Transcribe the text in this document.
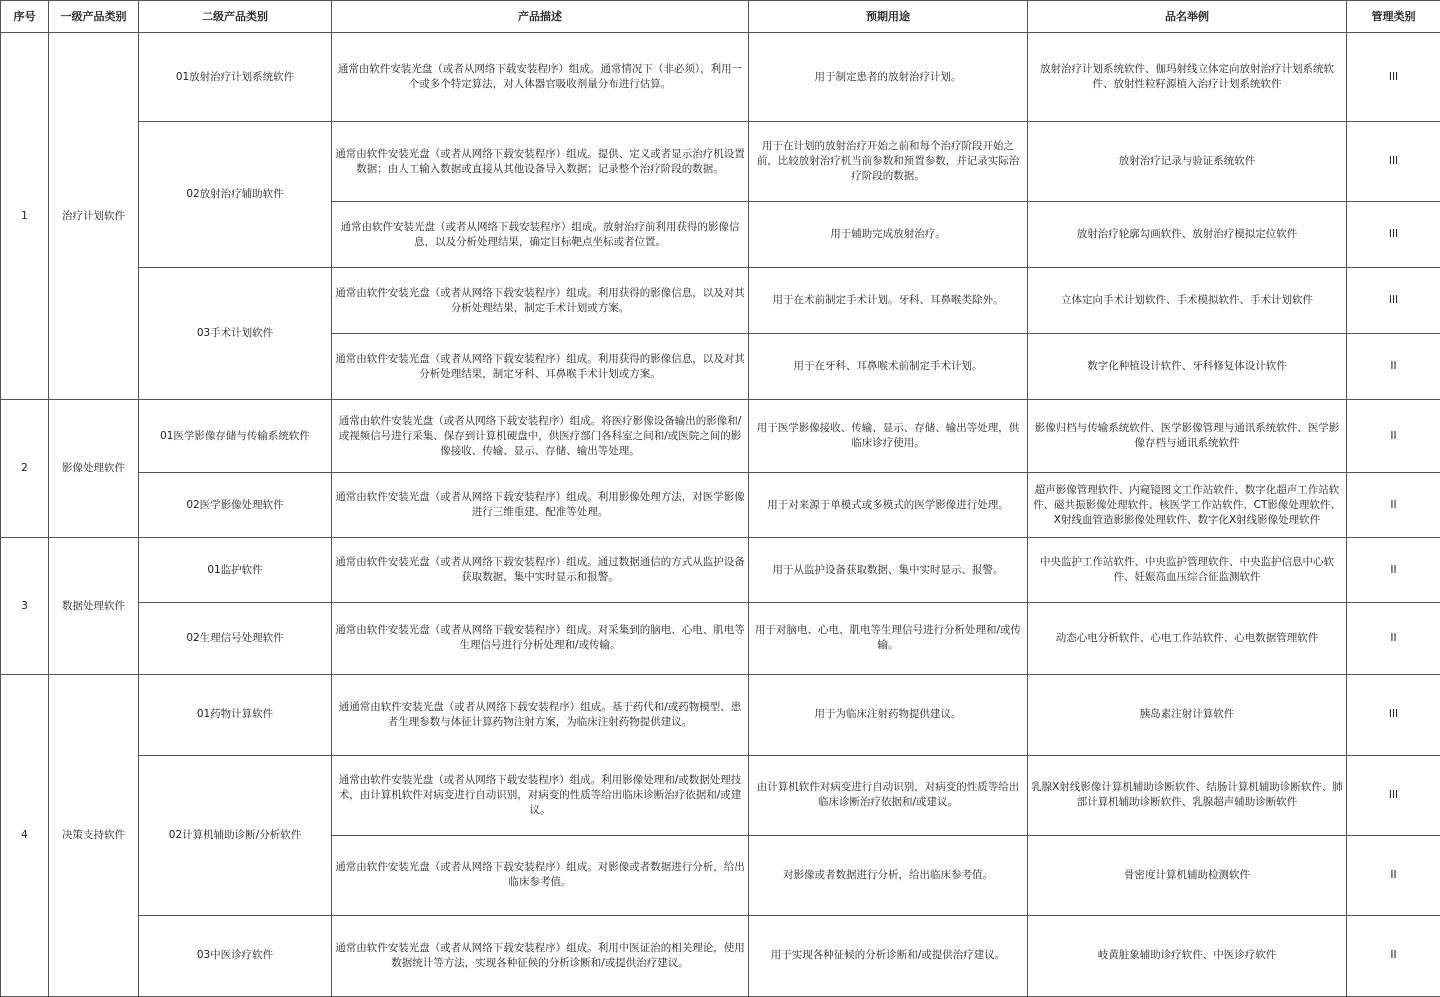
序号	一级产品类别	二级产品类别	产品描述	预期用途	品名举例	管理类别
1	治疗计划软件	01放射治疗计划系统软件	通常由软件安装光盘（或者从网络下载安装程序）组成。通常情况下（非必须），利用一个或多个特定算法，对人体器官吸收剂量分布进行估算。	用于制定患者的放射治疗计划。	放射治疗计划系统软件、伽玛射线立体定向放射治疗计划系统软件、放射性粒籽源植入治疗计划系统软件	III
		02放射治疗辅助软件	通常由软件安装光盘（或者从网络下载安装程序）组成。提供、定义或者显示治疗机设置数据；由人工输入数据或直接从其他设备导入数据；记录整个治疗阶段的数据。	用于在计划的放射治疗开始之前和每个治疗阶段开始之前，比较放射治疗机当前参数和预置参数，并记录实际治疗阶段的数据。	放射治疗记录与验证系统软件	III
			通常由软件安装光盘（或者从网络下载安装程序）组成。放射治疗前利用获得的影像信息，以及分析处理结果，确定目标靶点坐标或者位置。	用于辅助完成放射治疗。	放射治疗轮廓勾画软件、放射治疗模拟定位软件	III
		03手术计划软件	通常由软件安装光盘（或者从网络下载安装程序）组成。利用获得的影像信息，以及对其分析处理结果，制定手术计划或方案。	用于在术前制定手术计划。牙科、耳鼻喉类除外。	立体定向手术计划软件、手术模拟软件、手术计划软件	III
			通常由软件安装光盘（或者从网络下载安装程序）组成。利用获得的影像信息，以及对其分析处理结果，制定牙科、耳鼻喉手术计划或方案。	用于在牙科、耳鼻喉术前制定手术计划。	数字化种植设计软件、牙科修复体设计软件	II
2	影像处理软件	01医学影像存储与传输系统软件	通常由软件安装光盘（或者从网络下载安装程序）组成。将医疗影像设备输出的影像和/或视频信号进行采集、保存到计算机硬盘中，供医疗部门各科室之间和/或医院之间的影像接收、传输、显示、存储、输出等处理。	用于医学影像接收、传输、显示、存储、输出等处理，供临床诊疗使用。	影像归档与传输系统软件、医学影像管理与通讯系统软件、医学影像存档与通讯系统软件	II
		02医学影像处理软件	通常由软件安装光盘（或者从网络下载安装程序）组成。利用影像处理方法，对医学影像进行三维重建、配准等处理。	用于对来源于单模式或多模式的医学影像进行处理。	超声影像管理软件、内窥镜图文工作站软件、数字化超声工作站软件、磁共振影像处理软件、核医学工作站软件、CT影像处理软件、X射线血管造影影像处理软件、数字化X射线影像处理软件	II
3	数据处理软件	01监护软件	通常由软件安装光盘（或者从网络下载安装程序）组成。通过数据通信的方式从监护设备获取数据，集中实时显示和报警。	用于从监护设备获取数据、集中实时显示、报警。	中央监护工作站软件、中央监护管理软件、中央监护信息中心软件、妊娠高血压综合征监测软件	II
		02生理信号处理软件	通常由软件安装光盘（或者从网络下载安装程序）组成。对采集到的脑电、心电、肌电等生理信号进行分析处理和/或传输。	用于对脑电、心电、肌电等生理信号进行分析处理和/或传输。	动态心电分析软件、心电工作站软件、心电数据管理软件	II
4	决策支持软件	01药物计算软件	通通常由软件安装光盘（或者从网络下载安装程序）组成。基于药代和/或药物模型、患者生理参数与体征计算药物注射方案，为临床注射药物提供建议。	用于为临床注射药物提供建议。	胰岛素注射计算软件	III
		02计算机辅助诊断/分析软件	通常由软件安装光盘（或者从网络下载安装程序）组成。利用影像处理和/或数据处理技术，由计算机软件对病变进行自动识别，对病变的性质等给出临床诊断治疗依据和/或建议。	由计算机软件对病变进行自动识别，对病变的性质等给出临床诊断治疗依据和/或建议。	乳腺X射线影像计算机辅助诊断软件、结肠计算机辅助诊断软件、肺部计算机辅助诊断软件、乳腺超声辅助诊断软件	III
			通常由软件安装光盘（或者从网络下载安装程序）组成。对影像或者数据进行分析，给出临床参考值。	对影像或者数据进行分析，给出临床参考值。	骨密度计算机辅助检测软件	II
		03中医诊疗软件	通常由软件安装光盘（或者从网络下载安装程序）组成。利用中医证治的相关理论，使用数据统计等方法，实现各种征候的分析诊断和/或提供治疗建议。	用于实现各种征候的分析诊断和/或提供治疗建议。	岐黄脏象辅助诊疗软件、中医诊疗软件	II
